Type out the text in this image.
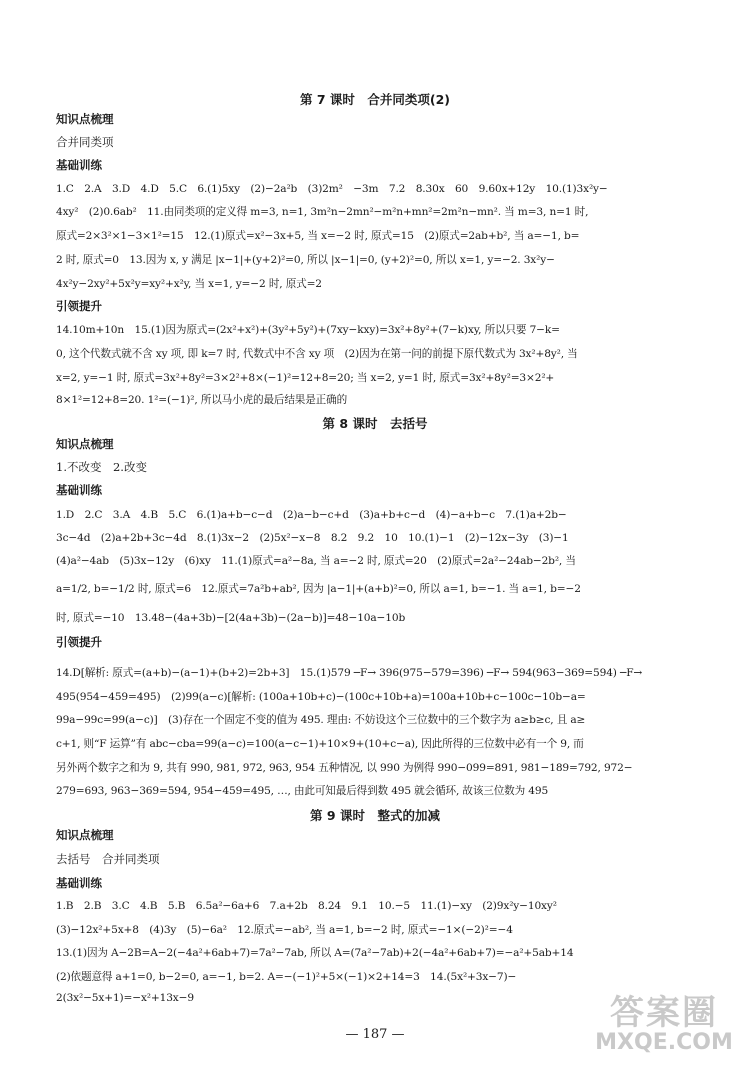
第 7 课时　合并同类项(2)
知识点梳理
合并同类项
基础训练
1.C　2.A　3.D　4.D　5.C　6.(1)5xy　(2)−2a²b　(3)2m²　−3m　7.2　8.30x　60　9.60x+12y　10.(1)3x²y−
4xy²　(2)0.6ab²　11.由同类项的定义得 m=3, n=1, 3m²n−2mn²−m²n+mn²=2m²n−mn². 当 m=3, n=1 时,
原式=2×3²×1−3×1²=15　12.(1)原式=x²−3x+5, 当 x=−2 时, 原式=15　(2)原式=2ab+b², 当 a=−1, b=
2 时, 原式=0　13.因为 x, y 满足 |x−1|+(y+2)²=0, 所以 |x−1|=0, (y+2)²=0, 所以 x=1, y=−2. 3x²y−
4x²y−2xy²+5x²y=xy²+x²y, 当 x=1, y=−2 时, 原式=2
引领提升
14.10m+10n　15.(1)因为原式=(2x²+x²)+(3y²+5y²)+(7xy−kxy)=3x²+8y²+(7−k)xy, 所以只要 7−k=
0, 这个代数式就不含 xy 项, 即 k=7 时, 代数式中不含 xy 项　(2)因为在第一问的前提下原代数式为 3x²+8y², 当
x=2, y=−1 时, 原式=3x²+8y²=3×2²+8×(−1)²=12+8=20; 当 x=2, y=1 时, 原式=3x²+8y²=3×2²+
8×1²=12+8=20. 1²=(−1)², 所以马小虎的最后结果是正确的
第 8 课时　去括号
知识点梳理
1.不改变　2.改变
基础训练
1.D　2.C　3.A　4.B　5.C　6.(1)a+b−c−d　(2)a−b−c+d　(3)a+b+c−d　(4)−a+b−c　7.(1)a+2b−
3c−4d　(2)a+2b+3c−4d　8.(1)3x−2　(2)5x²−x−8　8.2　9.2　10　10.(1)−1　(2)−12x−3y　(3)−1
(4)a²−4ab　(5)3x−12y　(6)xy　11.(1)原式=a²−8a, 当 a=−2 时, 原式=20　(2)原式=2a²−24ab−2b², 当
a=1/2, b=−1/2 时, 原式=6　12.原式=7a²b+ab², 因为 |a−1|+(a+b)²=0, 所以 a=1, b=−1. 当 a=1, b=−2
时, 原式=−10　13.48−(4a+3b)−[2(4a+3b)−(2a−b)]=48−10a−10b
引领提升
14.D[解析: 原式=(a+b)−(a−1)+(b+2)=2b+3]　15.(1)579 ─F→ 396(975−579=396) ─F→ 594(963−369=594) ─F→
495(954−459=495)　(2)99(a−c)[解析: (100a+10b+c)−(100c+10b+a)=100a+10b+c−100c−10b−a=
99a−99c=99(a−c)]　(3)存在一个固定不变的值为 495. 理由: 不妨设这个三位数中的三个数字为 a≥b≥c, 且 a≥
c+1, 则“F 运算”有 abc−cba=99(a−c)=100(a−c−1)+10×9+(10+c−a), 因此所得的三位数中必有一个 9, 而
另外两个数字之和为 9, 共有 990, 981, 972, 963, 954 五种情况, 以 990 为例得 990−099=891, 981−189=792, 972−
279=693, 963−369=594, 954−459=495, …, 由此可知最后得到数 495 就会循环, 故该三位数为 495
第 9 课时　整式的加减
知识点梳理
去括号　合并同类项
基础训练
1.B　2.B　3.C　4.B　5.B　6.5a²−6a+6　7.a+2b　8.24　9.1　10.−5　11.(1)−xy　(2)9x²y−10xy²
(3)−12x²+5x+8　(4)3y　(5)−6a²　12.原式=−ab², 当 a=1, b=−2 时, 原式=−1×(−2)²=−4
13.(1)因为 A−2B=A−2(−4a²+6ab+7)=7a²−7ab, 所以 A=(7a²−7ab)+2(−4a²+6ab+7)=−a²+5ab+14
(2)依题意得 a+1=0, b−2=0, a=−1, b=2. A=−(−1)²+5×(−1)×2+14=3　14.(5x²+3x−7)−
2(3x²−5x+1)=−x²+13x−9
— 187 —
答案圈
MXQE.COM
